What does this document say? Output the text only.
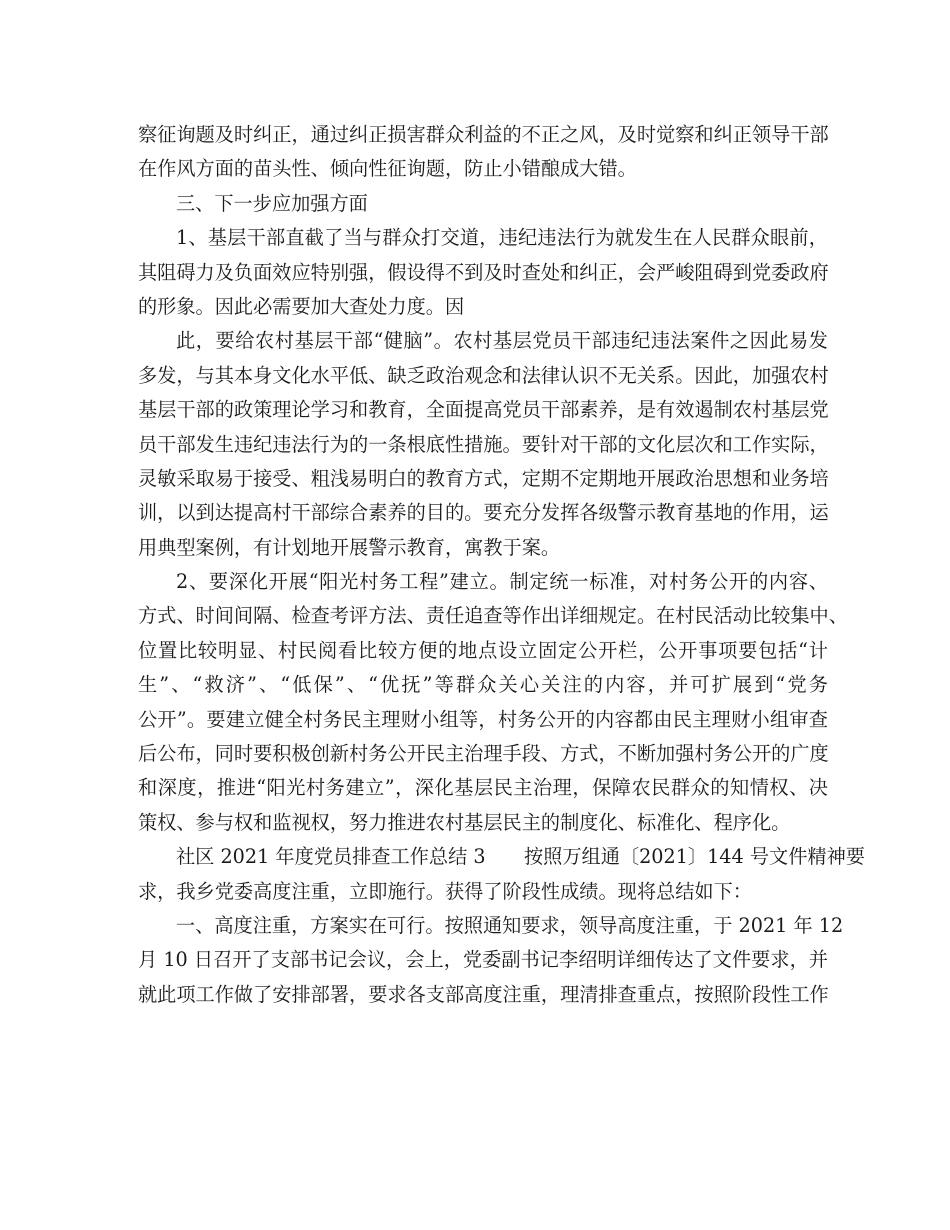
察征询题及时纠正，通过纠正损害群众利益的不正之风，及时觉察和纠正领导干部
在作风方面的苗头性、倾向性征询题，防止小错酿成大错。
三、下一步应加强方面
1、基层干部直截了当与群众打交道，违纪违法行为就发生在人民群众眼前，
其阻碍力及负面效应特别强，假设得不到及时查处和纠正，会严峻阻碍到党委政府
的形象。因此必需要加大查处力度。因
此，要给农村基层干部“健脑”。农村基层党员干部违纪违法案件之因此易发
多发，与其本身文化水平低、缺乏政治观念和法律认识不无关系。因此，加强农村
基层干部的政策理论学习和教育，全面提高党员干部素养，是有效遏制农村基层党
员干部发生违纪违法行为的一条根底性措施。要针对干部的文化层次和工作实际，
灵敏采取易于接受、粗浅易明白的教育方式，定期不定期地开展政治思想和业务培
训，以到达提高村干部综合素养的目的。要充分发挥各级警示教育基地的作用，运
用典型案例，有计划地开展警示教育，寓教于案。
2、要深化开展“阳光村务工程”建立。制定统一标准，对村务公开的内容、
方式、时间间隔、检查考评方法、责任追查等作出详细规定。在村民活动比较集中、
位置比较明显、村民阅看比较方便的地点设立固定公开栏，公开事项要包括“计
生”、“救济”、“低保”、“优抚”等群众关心关注的内容，并可扩展到“党务
公开”。要建立健全村务民主理财小组等，村务公开的内容都由民主理财小组审查
后公布，同时要积极创新村务公开民主治理手段、方式，不断加强村务公开的广度
和深度，推进“阳光村务建立”，深化基层民主治理，保障农民群众的知情权、决
策权、参与权和监视权，努力推进农村基层民主的制度化、标准化、程序化。
社区 2021 年度党员排查工作总结 3　　按照万组通〔2021〕144 号文件精神要
求，我乡党委高度注重，立即施行。获得了阶段性成绩。现将总结如下：
一、高度注重，方案实在可行。按照通知要求，领导高度注重，于 2021 年 12
月 10 日召开了支部书记会议，会上，党委副书记李绍明详细传达了文件要求，并
就此项工作做了安排部署，要求各支部高度注重，理清排查重点，按照阶段性工作
